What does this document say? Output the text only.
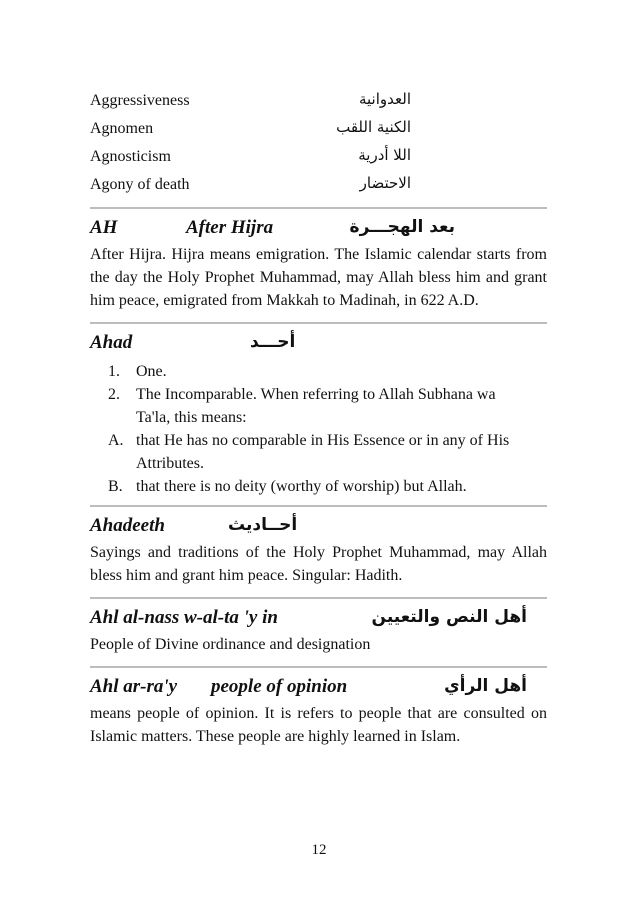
Aggressiveness	العدوانية
Agnomen	الكنية اللقب
Agnosticism	اللا أدرية
Agony of death	الاحتضار
AH	After Hijra	بعد الهجـــرة
After Hijra. Hijra means emigration. The Islamic calendar starts from the day the Holy Prophet Muhammad, may Allah bless him and grant him peace, emigrated from Makkah to Madinah, in 622 A.D.
Ahad	أحـــد
1. One.
2. The Incomparable. When referring to Allah Subhana wa Ta'la, this means:
A. that He has no comparable in His Essence or in any of His Attributes.
B. that there is no deity (worthy of worship) but Allah.
Ahadeeth	أحــاديث
Sayings and traditions of the Holy Prophet Muhammad, may Allah bless him and grant him peace. Singular: Hadith.
Ahl al-nass w-al-ta 'y in	أهل النص والتعيين
People of Divine ordinance and designation
Ahl ar-ra'y people of opinion	أهل الرأي
means people of opinion. It is refers to people that are consulted on Islamic matters. These people are highly learned in Islam.
12
